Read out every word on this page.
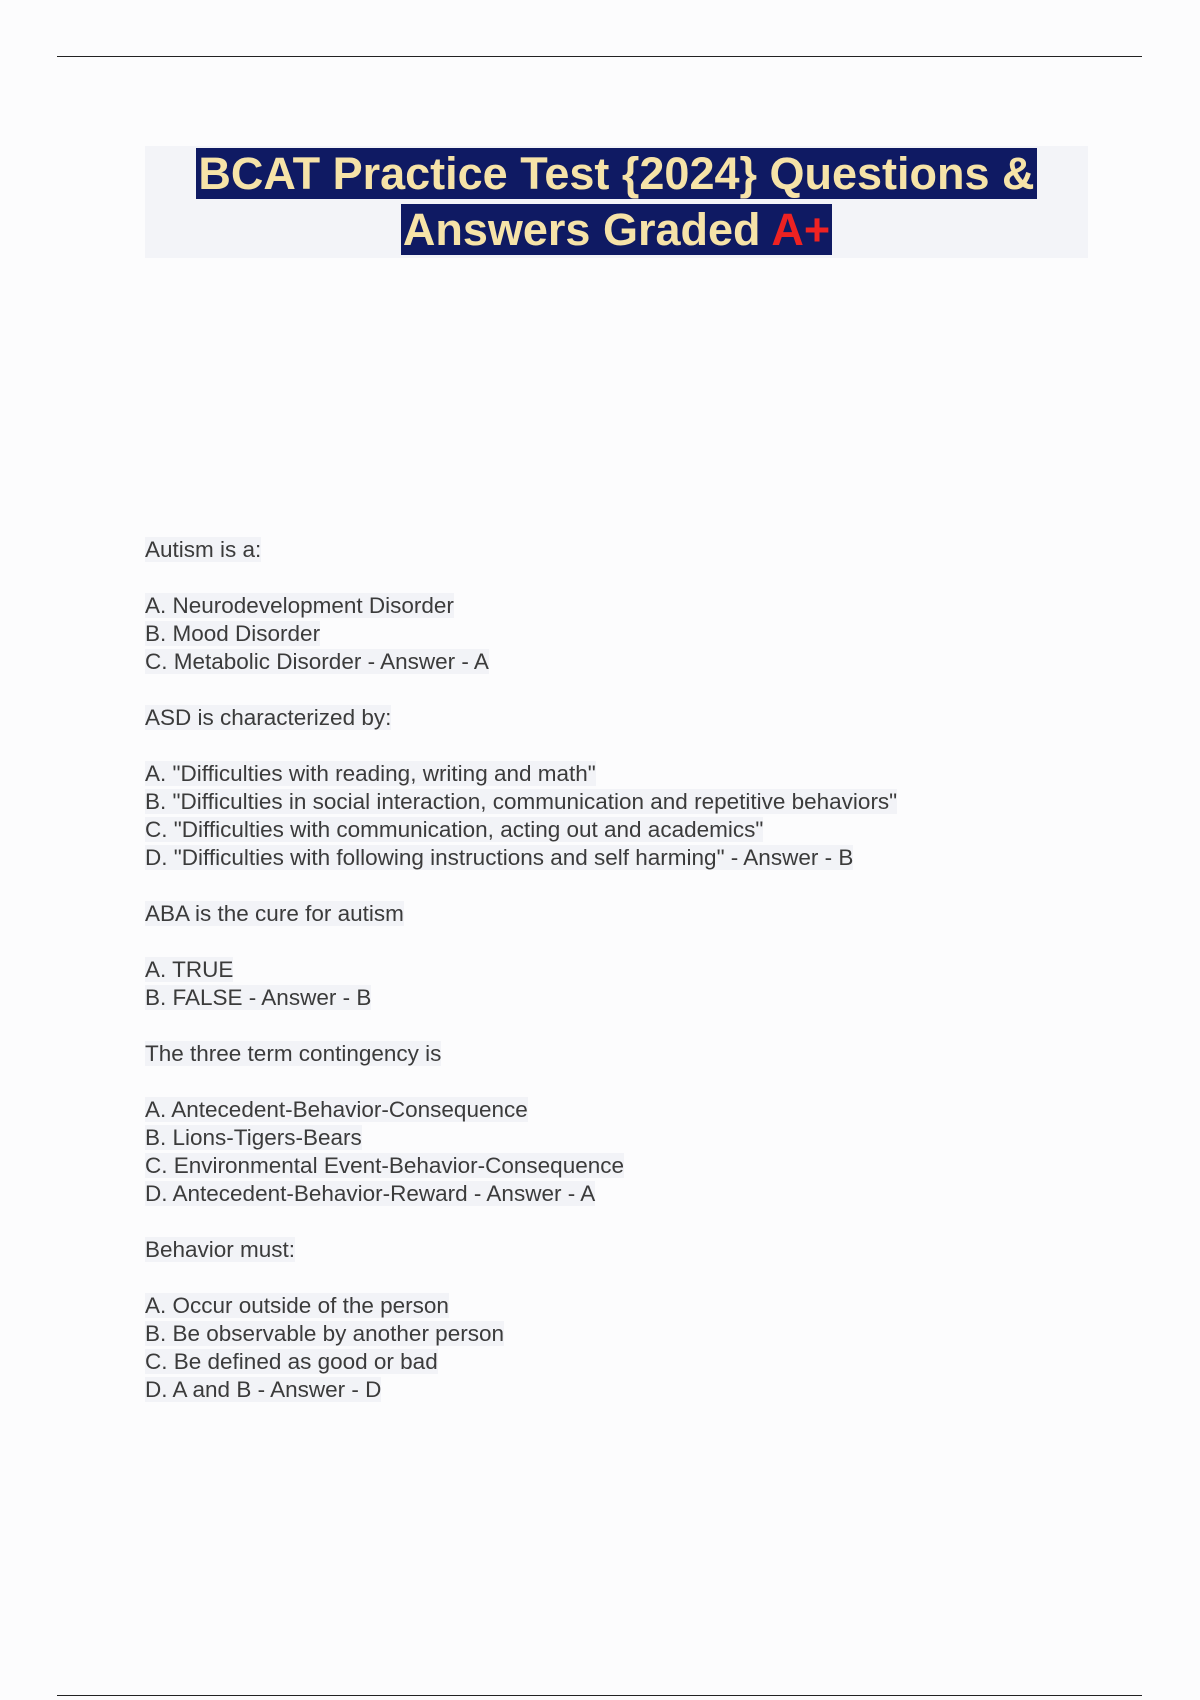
BCAT Practice Test {2024} Questions &
Answers Graded A+
Autism is a:
A. Neurodevelopment Disorder
B. Mood Disorder
C. Metabolic Disorder - Answer - A
ASD is characterized by:
A. "Difficulties with reading, writing and math"
B. "Difficulties in social interaction, communication and repetitive behaviors"
C. "Difficulties with communication, acting out and academics"
D. "Difficulties with following instructions and self harming" - Answer - B
ABA is the cure for autism
A. TRUE
B. FALSE - Answer - B
The three term contingency is
A. Antecedent-Behavior-Consequence
B. Lions-Tigers-Bears
C. Environmental Event-Behavior-Consequence
D. Antecedent-Behavior-Reward - Answer - A
Behavior must:
A. Occur outside of the person
B. Be observable by another person
C. Be defined as good or bad
D. A and B - Answer - D
